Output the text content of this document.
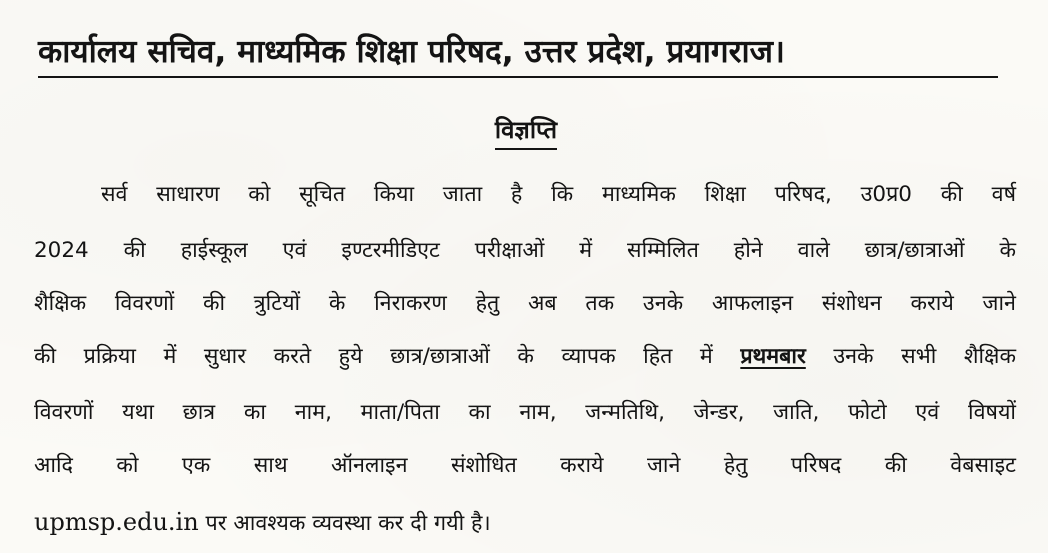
कार्यालय सचिव, माध्यमिक शिक्षा परिषद, उत्तर प्रदेश, प्रयागराज।
विज्ञप्ति
सर्व साधारण को सूचित किया जाता है कि माध्यमिक शिक्षा परिषद, उ0प्र0 की वर्ष
2024 की हाईस्कूल एवं इण्टरमीडिएट परीक्षाओं में सम्मिलित होने वाले छात्र/छात्राओं के
शैक्षिक विवरणों की त्रुटियों के निराकरण हेतु अब तक उनके आफलाइन संशोधन कराये जाने
की प्रक्रिया में सुधार करते हुये छात्र/छात्राओं के व्यापक हित में प्रथमबार उनके सभी शैक्षिक
विवरणों यथा छात्र का नाम, माता/पिता का नाम, जन्मतिथि, जेन्डर, जाति, फोटो एवं विषयों
आदि को एक साथ ऑनलाइन संशोधित कराये जाने हेतु परिषद की वेबसाइट
upmsp.edu.in पर आवश्यक व्यवस्था कर दी गयी है।
